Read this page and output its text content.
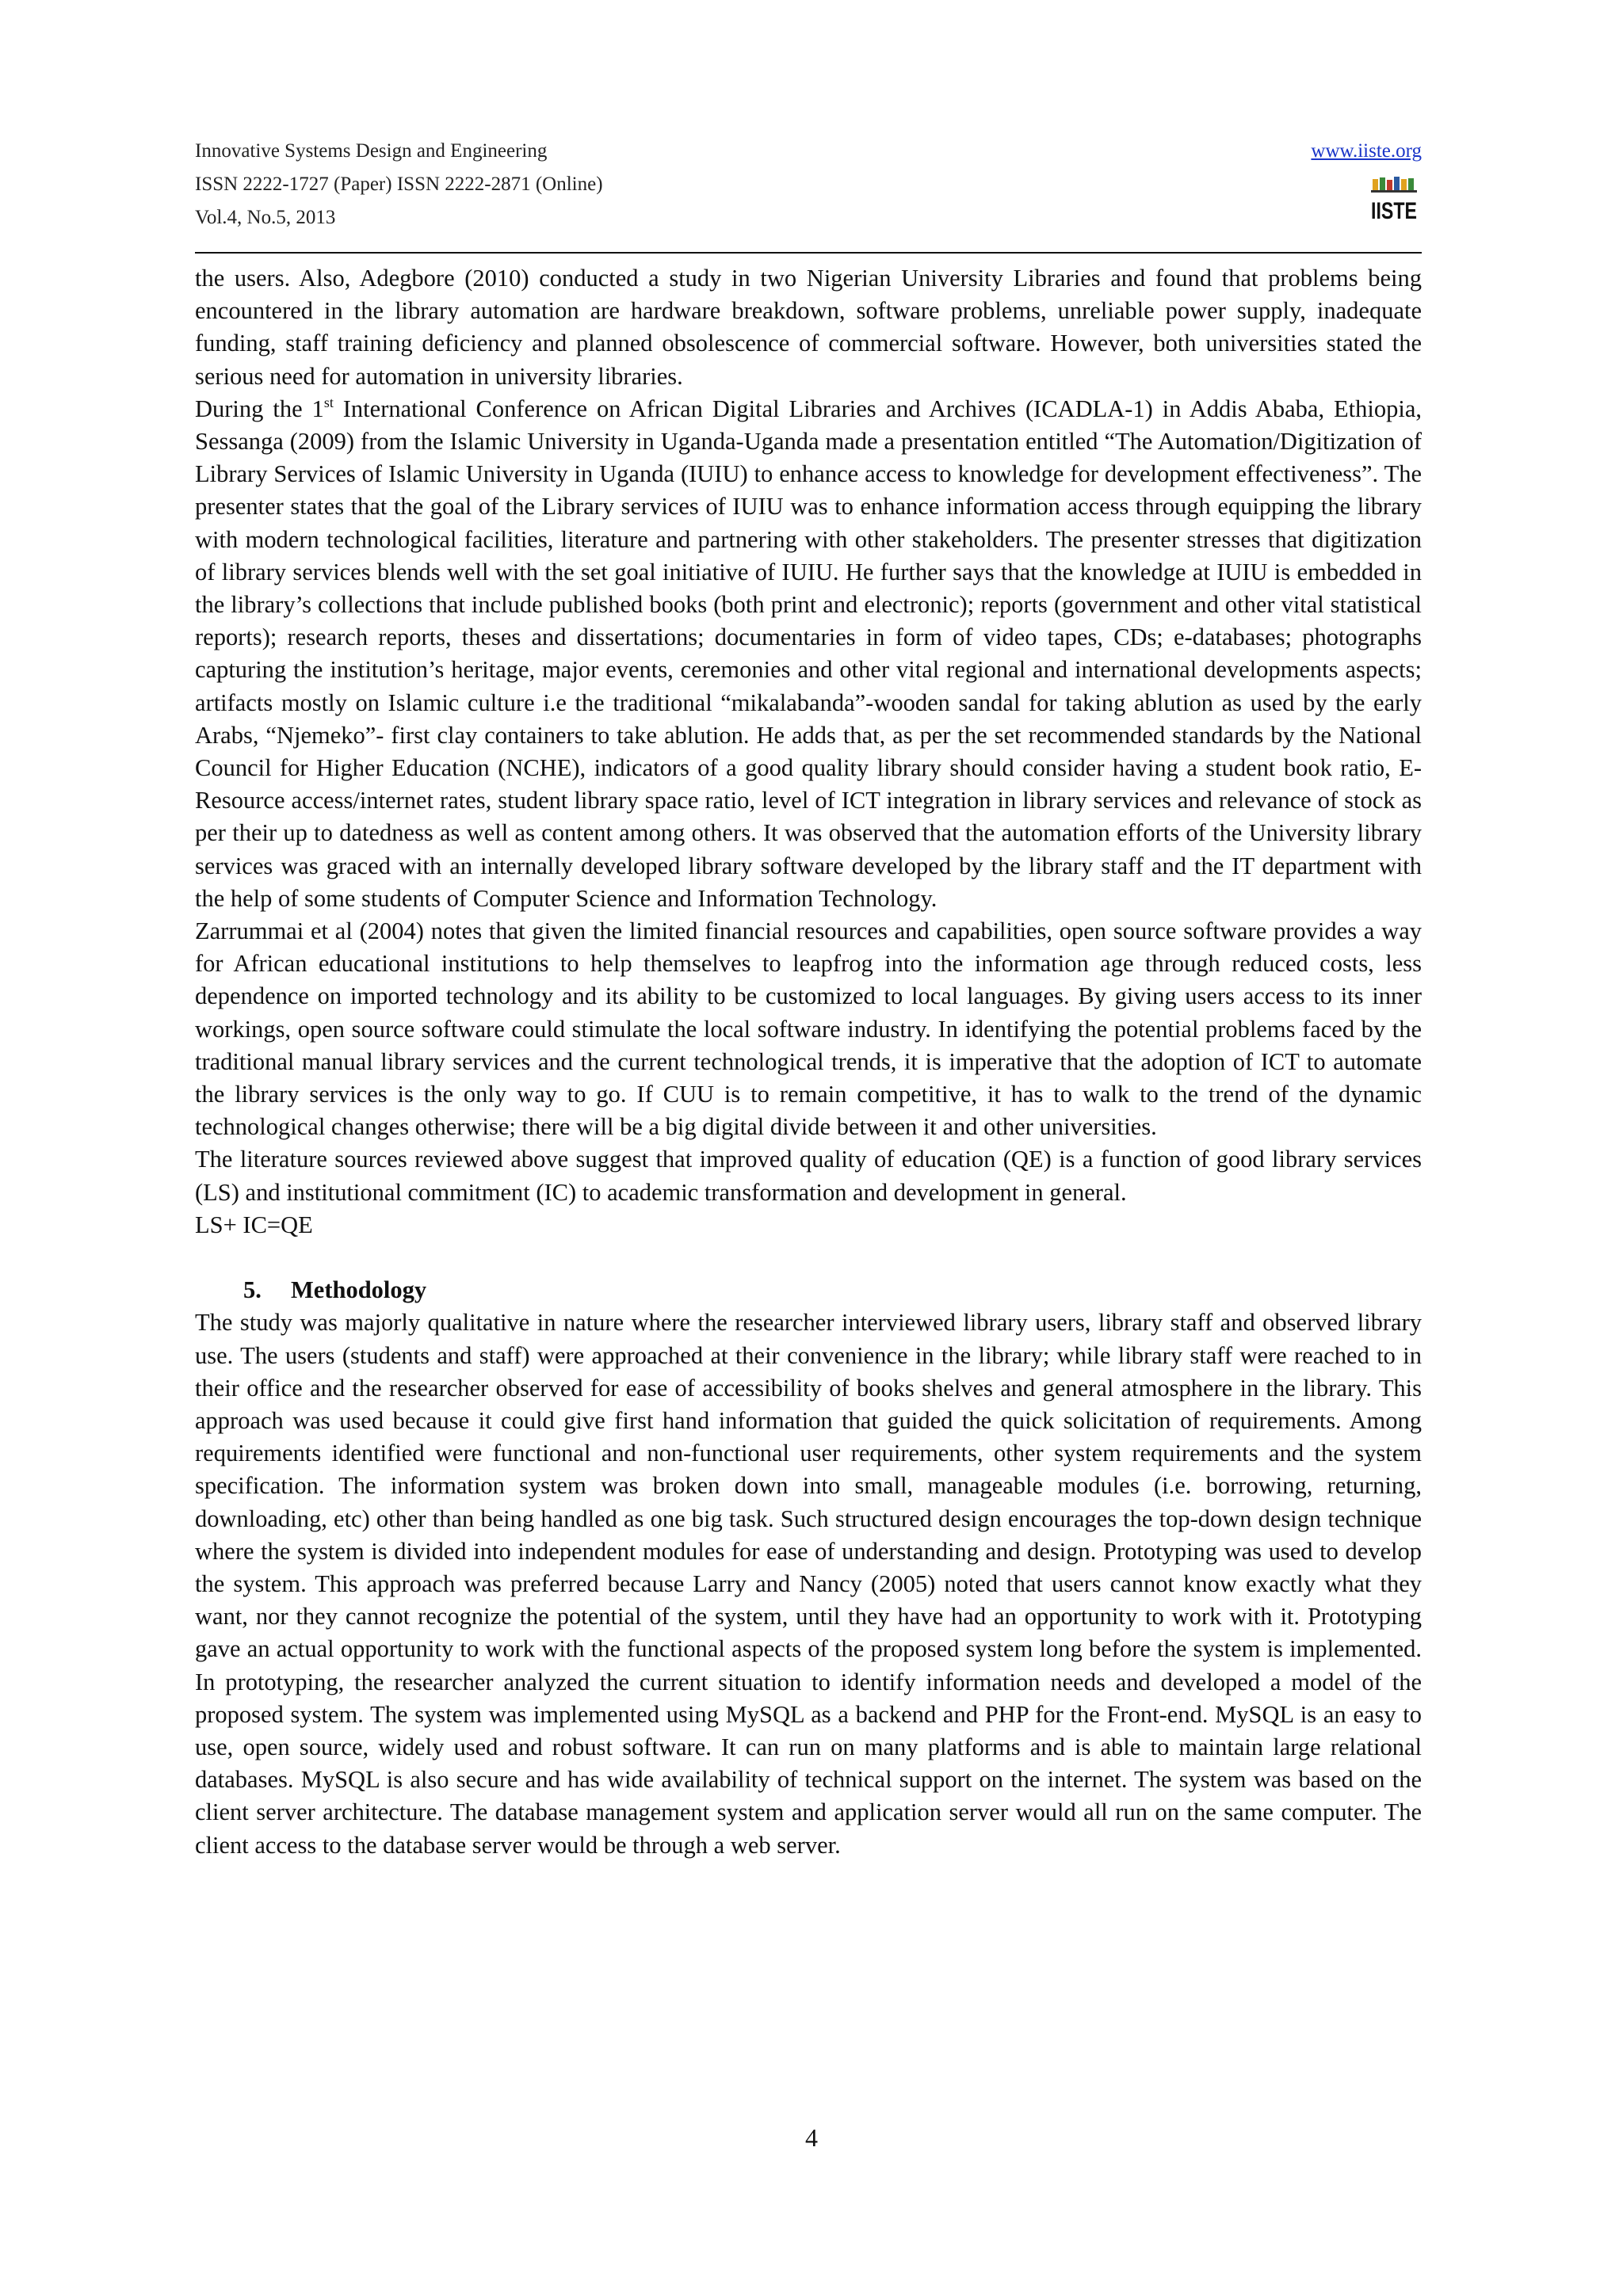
Innovative Systems Design and Engineering
ISSN 2222-1727 (Paper) ISSN 2222-2871 (Online)
Vol.4, No.5, 2013
www.iiste.org
IISTE

the users. Also, Adegbore (2010) conducted a study in two Nigerian University Libraries and found that problems being encountered in the library automation are hardware breakdown, software problems, unreliable power supply, inadequate funding, staff training deficiency and planned obsolescence of commercial software. However, both universities stated the serious need for automation in university libraries.

During the 1st International Conference on African Digital Libraries and Archives (ICADLA-1) in Addis Ababa, Ethiopia, Sessanga (2009) from the Islamic University in Uganda-Uganda made a presentation entitled “The Automation/Digitization of Library Services of Islamic University in Uganda (IUIU) to enhance access to knowledge for development effectiveness”. The presenter states that the goal of the Library services of IUIU was to enhance information access through equipping the library with modern technological facilities, literature and partnering with other stakeholders. The presenter stresses that digitization of library services blends well with the set goal initiative of IUIU. He further says that the knowledge at IUIU is embedded in the library’s collections that include published books (both print and electronic); reports (government and other vital statistical reports); research reports, theses and dissertations; documentaries in form of video tapes, CDs; e-databases; photographs capturing the institution’s heritage, major events, ceremonies and other vital regional and international developments aspects; artifacts mostly on Islamic culture i.e the traditional “mikalabanda”-wooden sandal for taking ablution as used by the early Arabs, “Njemeko”- first clay containers to take ablution. He adds that, as per the set recommended standards by the National Council for Higher Education (NCHE), indicators of a good quality library should consider having a student book ratio, E-Resource access/internet rates, student library space ratio, level of ICT integration in library services and relevance of stock as per their up to datedness as well as content among others. It was observed that the automation efforts of the University library services was graced with an internally developed library software developed by the library staff and the IT department with the help of some students of Computer Science and Information Technology.

Zarrummai et al (2004) notes that given the limited financial resources and capabilities, open source software provides a way for African educational institutions to help themselves to leapfrog into the information age through reduced costs, less dependence on imported technology and its ability to be customized to local languages. By giving users access to its inner workings, open source software could stimulate the local software industry. In identifying the potential problems faced by the traditional manual library services and the current technological trends, it is imperative that the adoption of ICT to automate the library services is the only way to go. If CUU is to remain competitive, it has to walk to the trend of the dynamic technological changes otherwise; there will be a big digital divide between it and other universities.

The literature sources reviewed above suggest that improved quality of education (QE) is a function of good library services (LS) and institutional commitment (IC) to academic transformation and development in general.

LS+ IC=QE

5. Methodology

The study was majorly qualitative in nature where the researcher interviewed library users, library staff and observed library use. The users (students and staff) were approached at their convenience in the library; while library staff were reached to in their office and the researcher observed for ease of accessibility of books shelves and general atmosphere in the library. This approach was used because it could give first hand information that guided the quick solicitation of requirements. Among requirements identified were functional and non-functional user requirements, other system requirements and the system specification. The information system was broken down into small, manageable modules (i.e. borrowing, returning, downloading, etc) other than being handled as one big task. Such structured design encourages the top-down design technique where the system is divided into independent modules for ease of understanding and design. Prototyping was used to develop the system. This approach was preferred because Larry and Nancy (2005) noted that users cannot know exactly what they want, nor they cannot recognize the potential of the system, until they have had an opportunity to work with it. Prototyping gave an actual opportunity to work with the functional aspects of the proposed system long before the system is implemented. In prototyping, the researcher analyzed the current situation to identify information needs and developed a model of the proposed system. The system was implemented using MySQL as a backend and PHP for the Front-end. MySQL is an easy to use, open source, widely used and robust software. It can run on many platforms and is able to maintain large relational databases. MySQL is also secure and has wide availability of technical support on the internet. The system was based on the client server architecture. The database management system and application server would all run on the same computer. The client access to the database server would be through a web server.

4
